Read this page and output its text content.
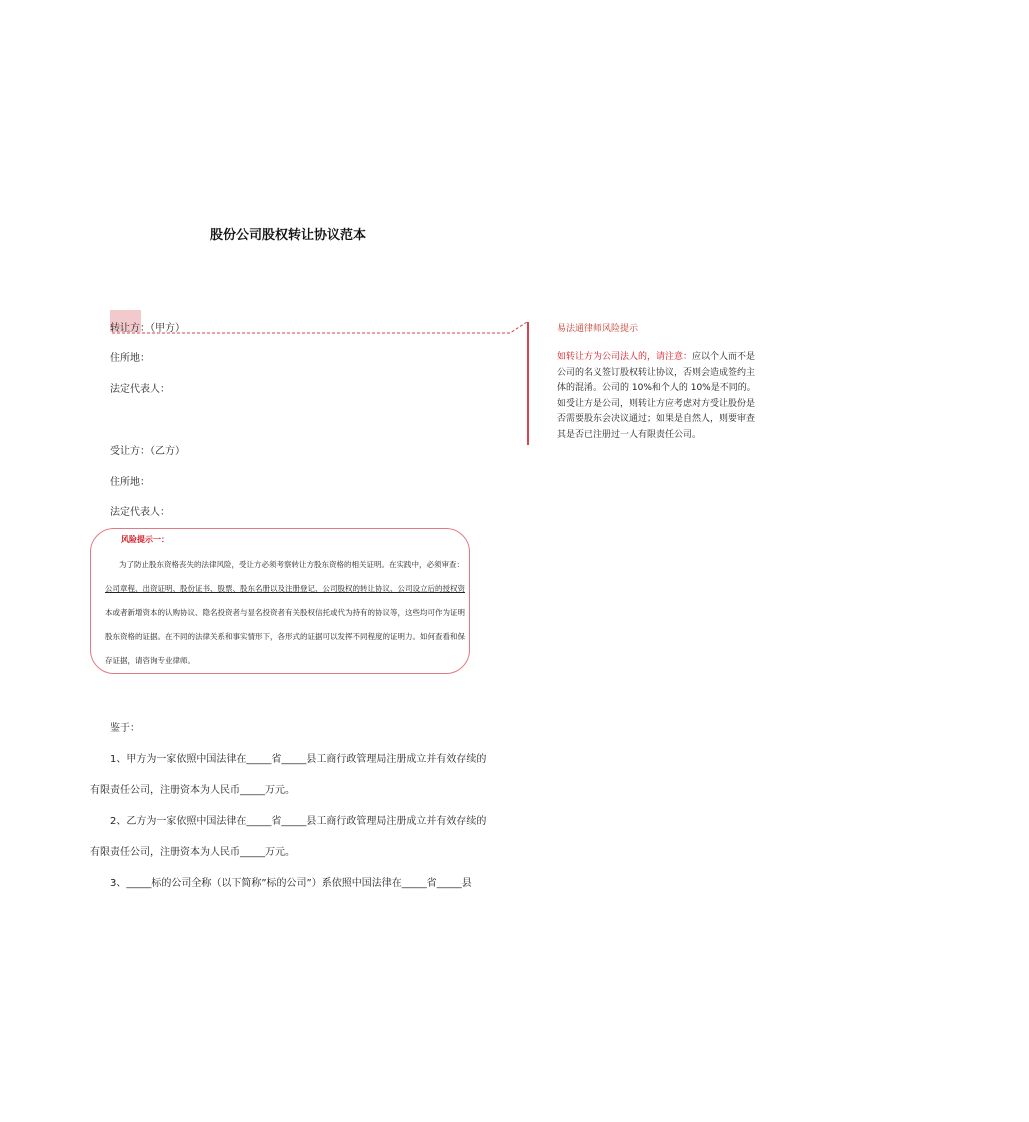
股份公司股权转让协议范本
转让方：（甲方）
住所地：
法定代表人：
受让方：（乙方）
住所地：
法定代表人：
易法通律师风险提示
如转让方为公司法人的，请注意：应以个人而不是
公司的名义签订股权转让协议，否则会造成签约主
体的混淆。公司的 10%和个人的 10%是不同的。
如受让方是公司，则转让方应考虑对方受让股份是
否需要股东会决议通过；如果是自然人，则要审查
其是否已注册过一人有限责任公司。
风险提示一：
为了防止股东资格丧失的法律风险，受让方必须考察转让方股东资格的相关证明。在实践中，必须审查：
公司章程、出资证明、股份证书、股票、股东名册以及注册登记、公司股权的转让协议、公司设立后的授权资
本或者新增资本的认购协议、隐名投资者与显名投资者有关股权信托或代为持有的协议等，这些均可作为证明
股东资格的证据。在不同的法律关系和事实情形下，各形式的证据可以发挥不同程度的证明力。如何查看和保
存证据，请咨询专业律师。
鉴于：
1、甲方为一家依照中国法律在_____省_____县工商行政管理局注册成立并有效存续的
有限责任公司，注册资本为人民币_____万元。
2、乙方为一家依照中国法律在_____省_____县工商行政管理局注册成立并有效存续的
有限责任公司，注册资本为人民币_____万元。
3、_____标的公司全称（以下简称”标的公司”）系依照中国法律在_____省_____县
